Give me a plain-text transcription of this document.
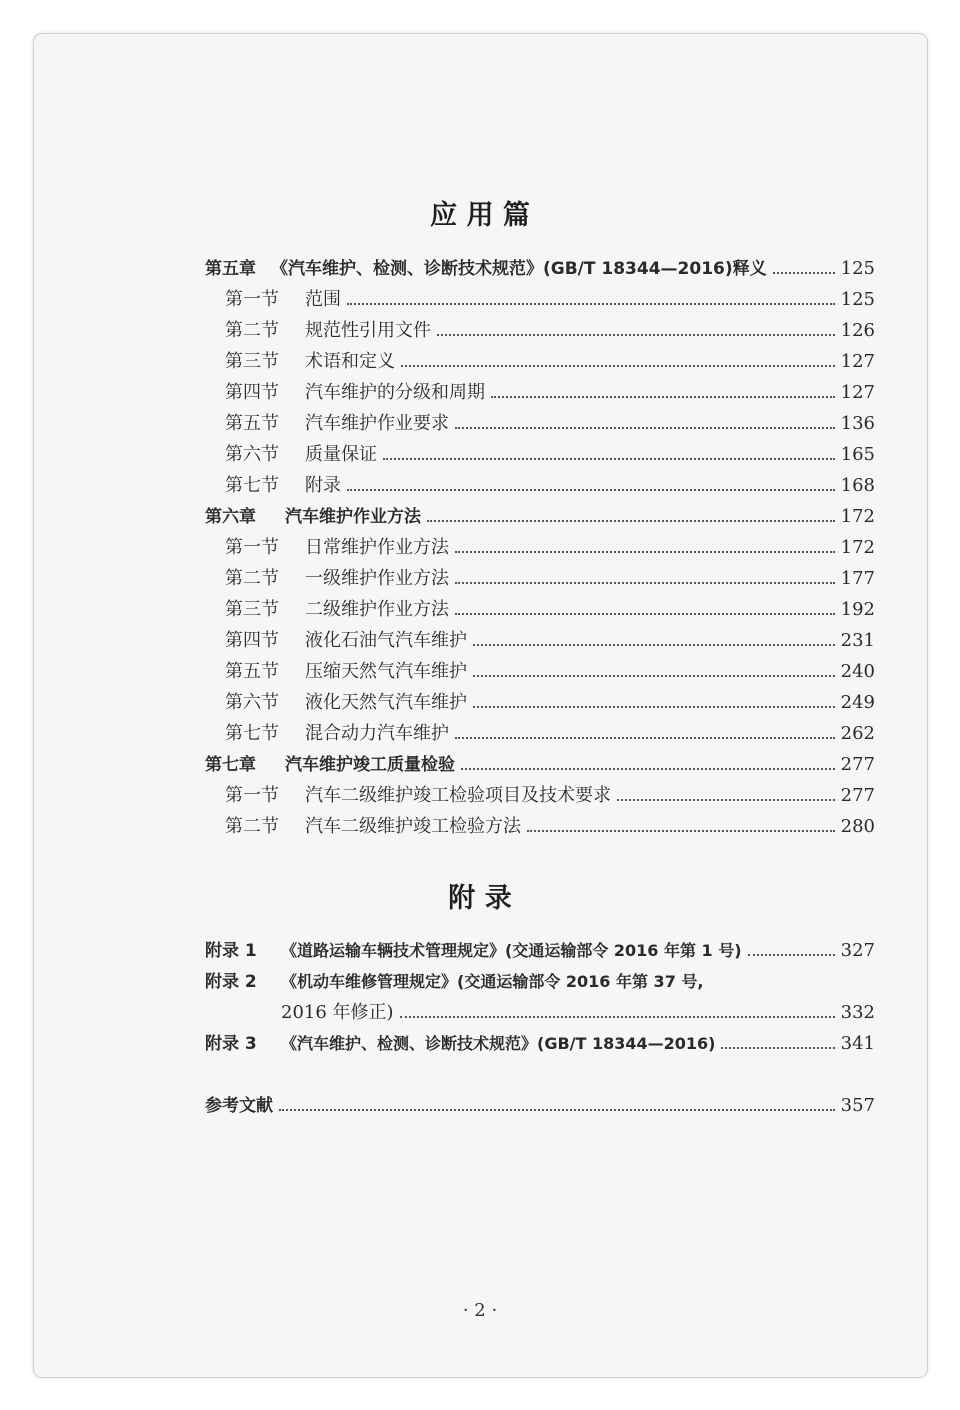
应 用 篇
第五章 《汽车维护、检测、诊断技术规范》(GB/T 18344—2016)释义	125
第一节	范围	125
第二节	规范性引用文件	126
第三节	术语和定义	127
第四节	汽车维护的分级和周期	127
第五节	汽车维护作业要求	136
第六节	质量保证	165
第七节	附录	168
第六章	汽车维护作业方法	172
第一节	日常维护作业方法	172
第二节	一级维护作业方法	177
第三节	二级维护作业方法	192
第四节	液化石油气汽车维护	231
第五节	压缩天然气汽车维护	240
第六节	液化天然气汽车维护	249
第七节	混合动力汽车维护	262
第七章	汽车维护竣工质量检验	277
第一节	汽车二级维护竣工检验项目及技术要求	277
第二节	汽车二级维护竣工检验方法	280
附 录
附录 1	《道路运输车辆技术管理规定》(交通运输部令 2016 年第 1 号)	327
附录 2	《机动车维修管理规定》(交通运输部令 2016 年第 37 号,
2016 年修正)	332
附录 3	《汽车维护、检测、诊断技术规范》(GB/T 18344—2016)	341
参考文献	357
· 2 ·
